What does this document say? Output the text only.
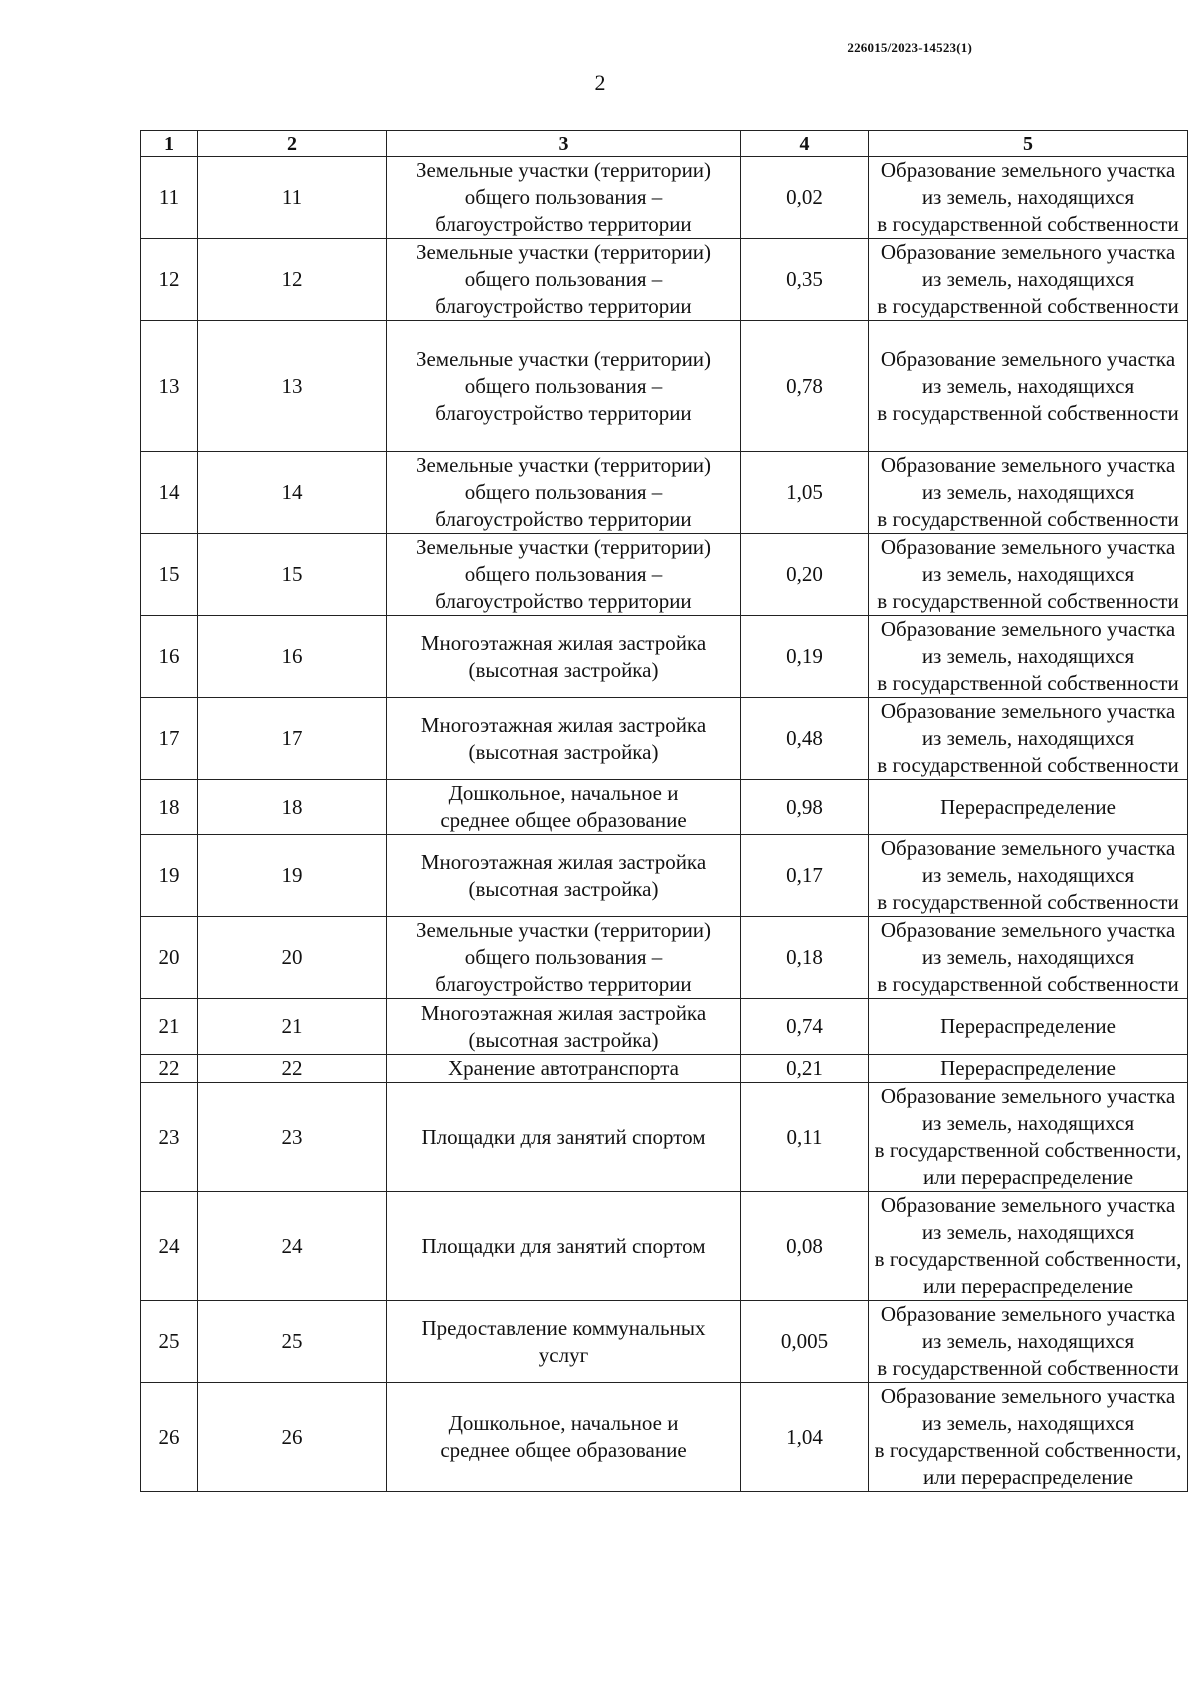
226015/2023-14523(1)
2
1	2	3	4	5
11	11	Земельные участки (территории)
общего пользования –
благоустройство территории	0,02	Образование земельного участка
из земель, находящихся
в государственной собственности

12	12	Земельные участки (территории)
общего пользования –
благоустройство территории	0,35	Образование земельного участка
из земель, находящихся
в государственной собственности

13	13	Земельные участки (территории)
общего пользования –
благоустройство территории	0,78	Образование земельного участка
из земель, находящихся
в государственной собственности

14	14	Земельные участки (территории)
общего пользования –
благоустройство территории	1,05	Образование земельного участка
из земель, находящихся
в государственной собственности

15	15	Земельные участки (территории)
общего пользования –
благоустройство территории	0,20	Образование земельного участка
из земель, находящихся
в государственной собственности

16	16	Многоэтажная жилая застройка
(высотная застройка)	0,19	Образование земельного участка
из земель, находящихся
в государственной собственности

17	17	Многоэтажная жилая застройка
(высотная застройка)	0,48	Образование земельного участка
из земель, находящихся
в государственной собственности

18	18	Дошкольное, начальное и
среднее общее образование	0,98	Перераспределение

19	19	Многоэтажная жилая застройка
(высотная застройка)	0,17	Образование земельного участка
из земель, находящихся
в государственной собственности

20	20	Земельные участки (территории)
общего пользования –
благоустройство территории	0,18	Образование земельного участка
из земель, находящихся
в государственной собственности

21	21	Многоэтажная жилая застройка
(высотная застройка)	0,74	Перераспределение

22	22	Хранение автотранспорта	0,21	Перераспределение

23	23	Площадки для занятий спортом	0,11	Образование земельного участка
из земель, находящихся
в государственной собственности,
или перераспределение

24	24	Площадки для занятий спортом	0,08	Образование земельного участка
из земель, находящихся
в государственной собственности,
или перераспределение

25	25	Предоставление коммунальных
услуг	0,005	Образование земельного участка
из земель, находящихся
в государственной собственности

26	26	Дошкольное, начальное и
среднее общее образование	1,04	Образование земельного участка
из земель, находящихся
в государственной собственности,
или перераспределение
